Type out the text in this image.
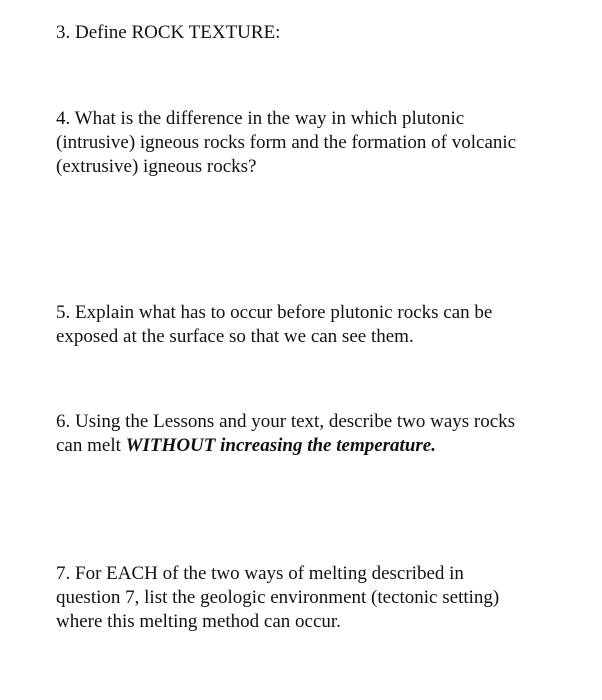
3. Define ROCK TEXTURE:
4. What is the difference in the way in which plutonic
(intrusive) igneous rocks form and the formation of volcanic
(extrusive) igneous rocks?
5. Explain what has to occur before plutonic rocks can be
exposed at the surface so that we can see them.
6. Using the Lessons and your text, describe two ways rocks
can melt WITHOUT increasing the temperature.
7. For EACH of the two ways of melting described in
question 7, list the geologic environment (tectonic setting)
where this melting method can occur.
